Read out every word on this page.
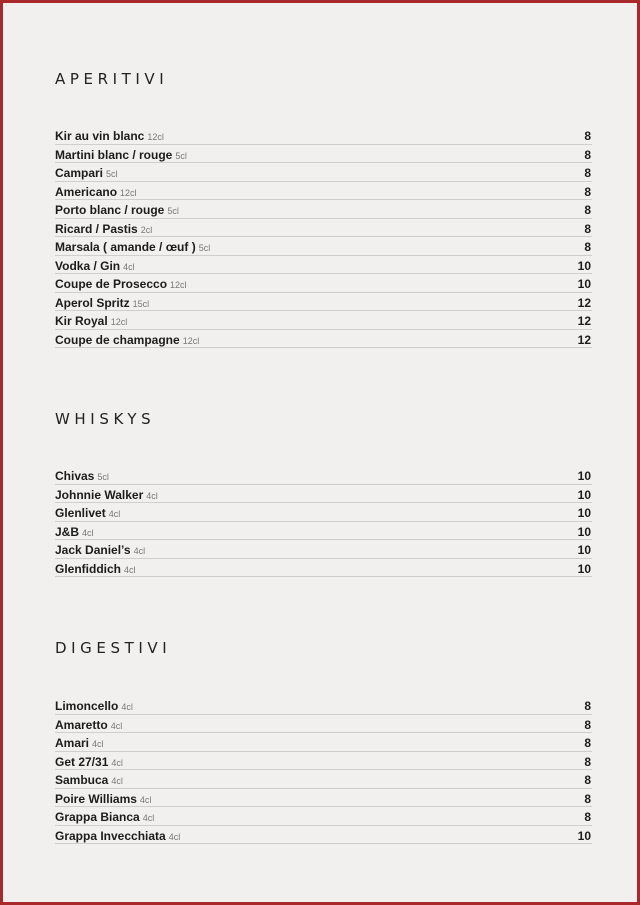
APERITIVI
Kir au vin blanc 12cl	8
Martini blanc / rouge 5cl	8
Campari 5cl	8
Americano 12cl	8
Porto blanc / rouge 5cl	8
Ricard / Pastis 2cl	8
Marsala ( amande / œuf ) 5cl	8
Vodka / Gin 4cl	10
Coupe de Prosecco 12cl	10
Aperol Spritz 15cl	12
Kir Royal 12cl	12
Coupe de champagne 12cl	12
WHISKYS
Chivas 5cl	10
Johnnie Walker 4cl	10
Glenlivet 4cl	10
J&B 4cl	10
Jack Daniel’s 4cl	10
Glenfiddich 4cl	10
DIGESTIVI
Limoncello 4cl	8
Amaretto 4cl	8
Amari 4cl	8
Get 27/31 4cl	8
Sambuca 4cl	8
Poire Williams 4cl	8
Grappa Bianca 4cl	8
Grappa Invecchiata 4cl	10
